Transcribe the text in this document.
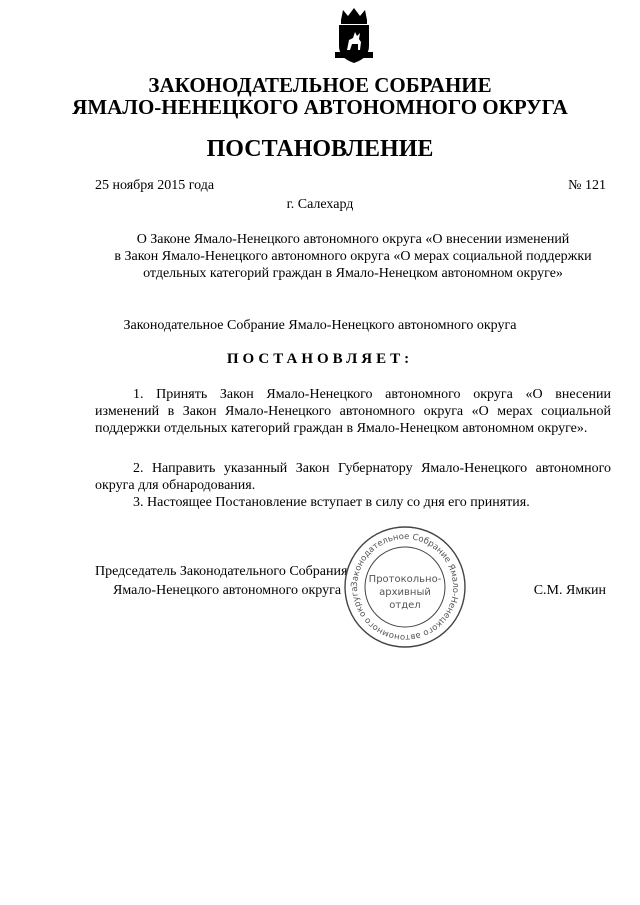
ЗАКОНОДАТЕЛЬНОЕ СОБРАНИЕ
ЯМАЛО-НЕНЕЦКОГО АВТОНОМНОГО ОКРУГА
ПОСТАНОВЛЕНИЕ
25 ноября 2015 года	№ 121
г. Салехард
О Законе Ямало-Ненецкого автономного округа «О внесении изменений
в Закон Ямало-Ненецкого автономного округа «О мерах социальной поддержки
отдельных категорий граждан в Ямало-Ненецком автономном округе»
Законодательное Собрание Ямало-Ненецкого автономного округа
ПОСТАНОВЛЯЕТ:
1. Принять Закон Ямало-Ненецкого автономного округа «О внесении изменений в Закон Ямало-Ненецкого автономного округа «О мерах социальной поддержки отдельных категорий граждан в Ямало-Ненецком автономном округе».
2. Направить указанный Закон Губернатору Ямало-Ненецкого автономного округа для обнародования.
3. Настоящее Постановление вступает в силу со дня его принятия.
Председатель Законодательного Собрания
Ямало-Ненецкого автономного округа	С.М. Ямкин
Законодательное Собрание Ямало-Ненецкого автономного округа
Протокольно-
архивный
отдел
